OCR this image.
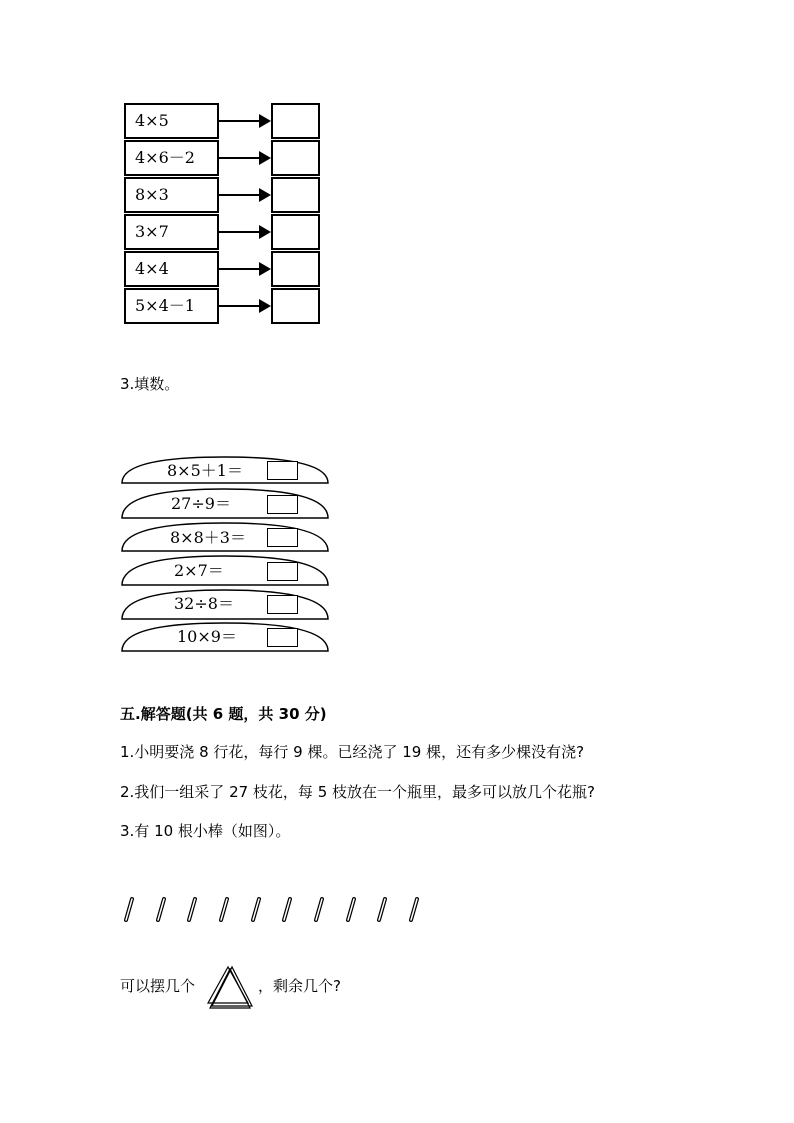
4×5
4×6－2
8×3
3×7
4×4
5×4－1
3.填数。
8×5＋1＝
27÷9＝
8×8＋3＝
2×7＝
32÷8＝
10×9＝
五.解答题(共 6 题，共 30 分)
1.小明要浇 8 行花，每行 9 棵。已经浇了 19 棵，还有多少棵没有浇?
2.我们一组采了 27 枝花，每 5 枝放在一个瓶里，最多可以放几个花瓶?
3.有 10 根小棒（如图）。
可以摆几个	，剩余几个?
